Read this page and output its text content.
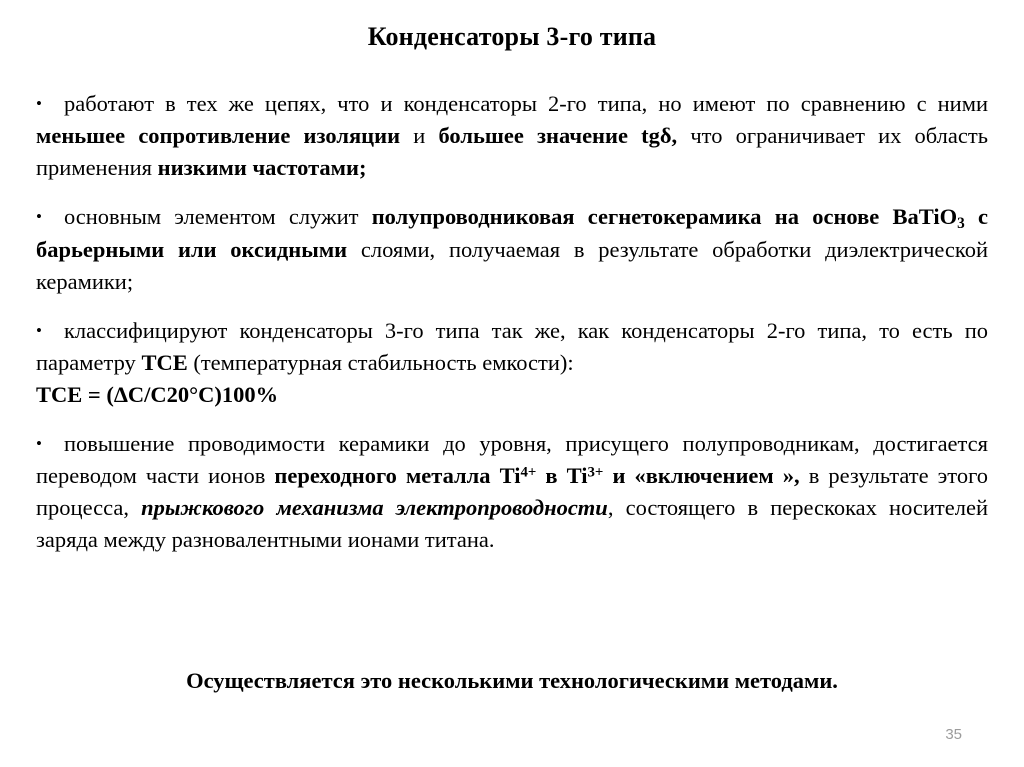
Конденсаторы 3-го типа

• работают в тех же цепях, что и конденсаторы 2-го типа, но имеют по сравнению с ними меньшее сопротивление изоляции и большее значение tgδ, что ограничивает их область применения низкими частотами;

• основным элементом служит полупроводниковая сегнетокерамика на основе BaTiO$_3$ с барьерными или оксидными слоями, получаемая в результате обработки диэлектрической керамики;

• классифицируют конденсаторы 3-го типа так же, как конденсаторы 2-го типа, то есть по параметру ТСЕ (температурная стабильность емкости):

ТСЕ = (ΔС/С20°С)100%

• повышение проводимости керамики до уровня, присущего полупроводникам, достигается переводом части ионов переходного металла $Ti^{4+}$ в $Ti^{3+}$ и «включением », в результате этого процесса, прыжкового механизма электропроводности, состоящего в перескоках носителей заряда между разновалентными ионами титана.

Осуществляется это несколькими технологическими методами.
35
